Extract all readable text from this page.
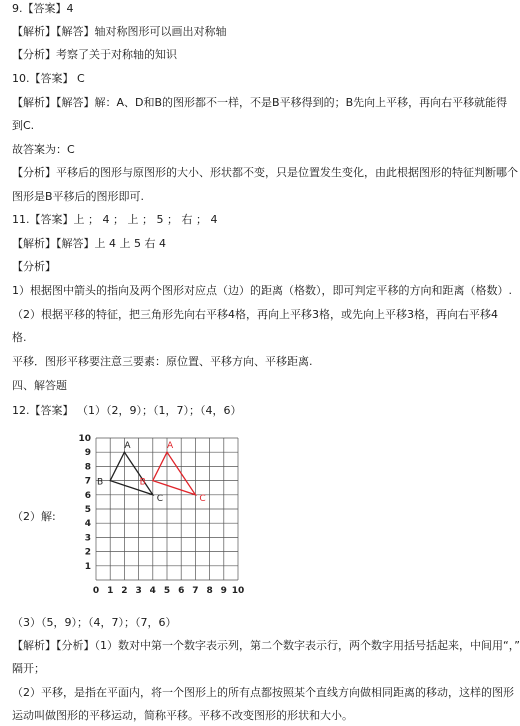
9.【答案】4
【解析】【解答】轴对称图形可以画出对称轴
【分析】考察了关于对称轴的知识
10.【答案】 C
【解析】【解答】解：A、D和B的图形都不一样，不是B平移得到的；B先向上平移，再向右平移就能得
到C.
故答案为：C
【分析】平移后的图形与原图形的大小、形状都不变，只是位置发生变化，由此根据图形的特征判断哪个
图形是B平移后的图形即可.
11.【答案】上 ； 4 ； 上 ； 5 ； 右 ； 4
【解析】【解答】上 4 上 5 右 4
【分析】
1）根据图中箭头的指向及两个图形对应点（边）的距离（格数），即可判定平移的方向和距离（格数）.
（2）根据平移的特征，把三角形先向右平移4格，再向上平移3格，或先向上平移3格，再向右平移4
格.
平移．图形平移要注意三要素：原位置、平移方向、平移距离.
四、解答题
12.【答案】 （1）（2，9）；（1，7）；（4，6）
（2）解:
0 1 2 3 4 5 6 7 8 9 10
1
2
3
4
5
6
7
8
9
10
A
B
C
A
B
C
（3）（5，9）；（4，7）；（7，6）
【解析】【分析】（1）数对中第一个数字表示列，第二个数字表示行，两个数字用括号括起来，中间用“，”
隔开；
（2）平移，是指在平面内，将一个图形上的所有点都按照某个直线方向做相同距离的移动，这样的图形
运动叫做图形的平移运动，简称平移。平移不改变图形的形状和大小。
